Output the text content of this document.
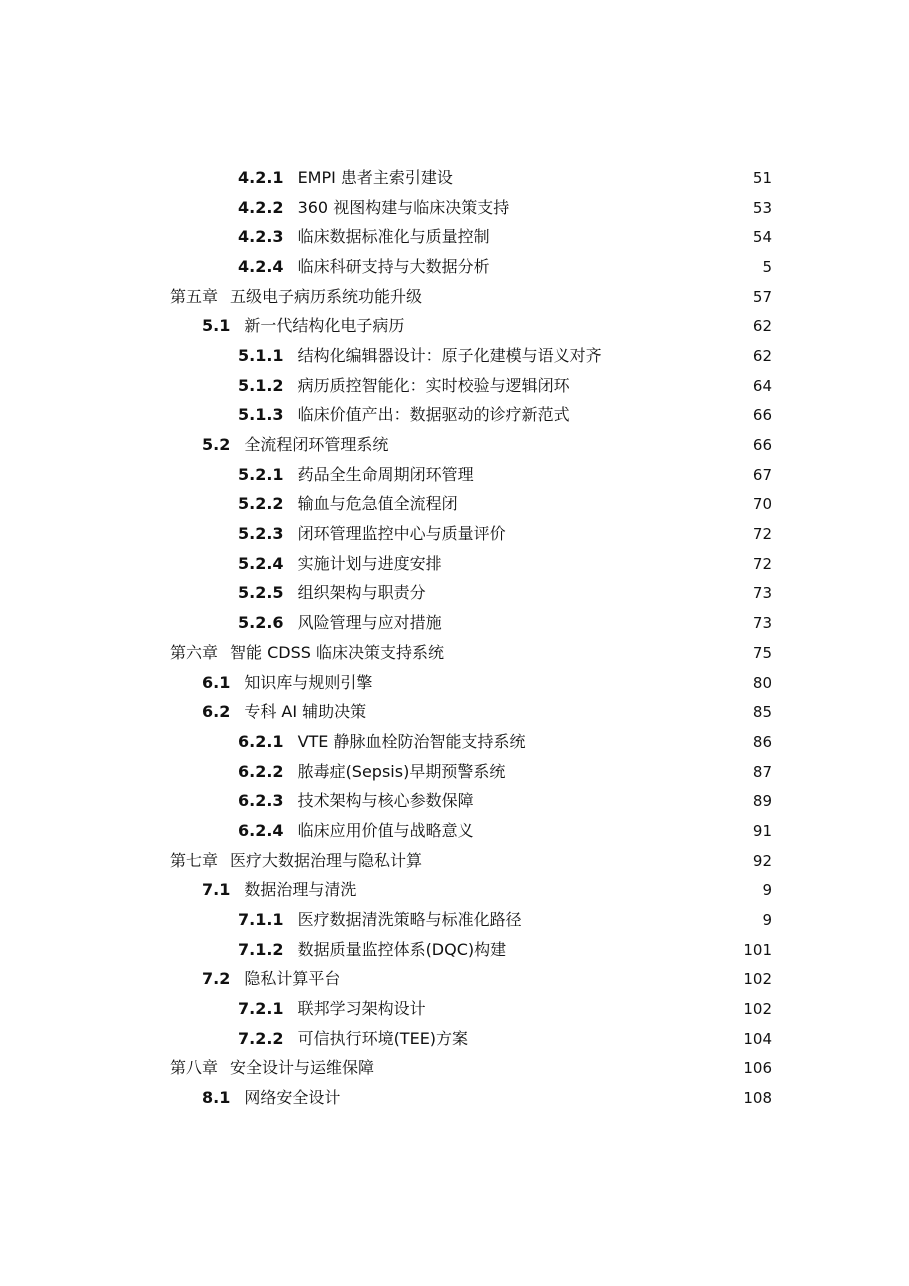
4.2.1 EMPI 患者主索引建设	51
4.2.2 360 视图构建与临床决策支持	53
4.2.3 临床数据标准化与质量控制	54
4.2.4 临床科研支持与大数据分析	5
第五章 五级电子病历系统功能升级	57
5.1 新一代结构化电子病历	62
5.1.1 结构化编辑器设计：原子化建模与语义对齐	62
5.1.2 病历质控智能化：实时校验与逻辑闭环	64
5.1.3 临床价值产出：数据驱动的诊疗新范式	66
5.2 全流程闭环管理系统	66
5.2.1 药品全生命周期闭环管理	67
5.2.2 输血与危急值全流程闭	70
5.2.3 闭环管理监控中心与质量评价	72
5.2.4 实施计划与进度安排	72
5.2.5 组织架构与职责分	73
5.2.6 风险管理与应对措施	73
第六章 智能 CDSS 临床决策支持系统	75
6.1 知识库与规则引擎	80
6.2 专科 AI 辅助决策	85
6.2.1 VTE 静脉血栓防治智能支持系统	86
6.2.2 脓毒症(Sepsis)早期预警系统	87
6.2.3 技术架构与核心参数保障	89
6.2.4 临床应用价值与战略意义	91
第七章 医疗大数据治理与隐私计算	92
7.1 数据治理与清洗	9
7.1.1 医疗数据清洗策略与标准化路径	9
7.1.2 数据质量监控体系(DQC)构建	101
7.2 隐私计算平台	102
7.2.1 联邦学习架构设计	102
7.2.2 可信执行环境(TEE)方案	104
第八章 安全设计与运维保障	106
8.1 网络安全设计	108
